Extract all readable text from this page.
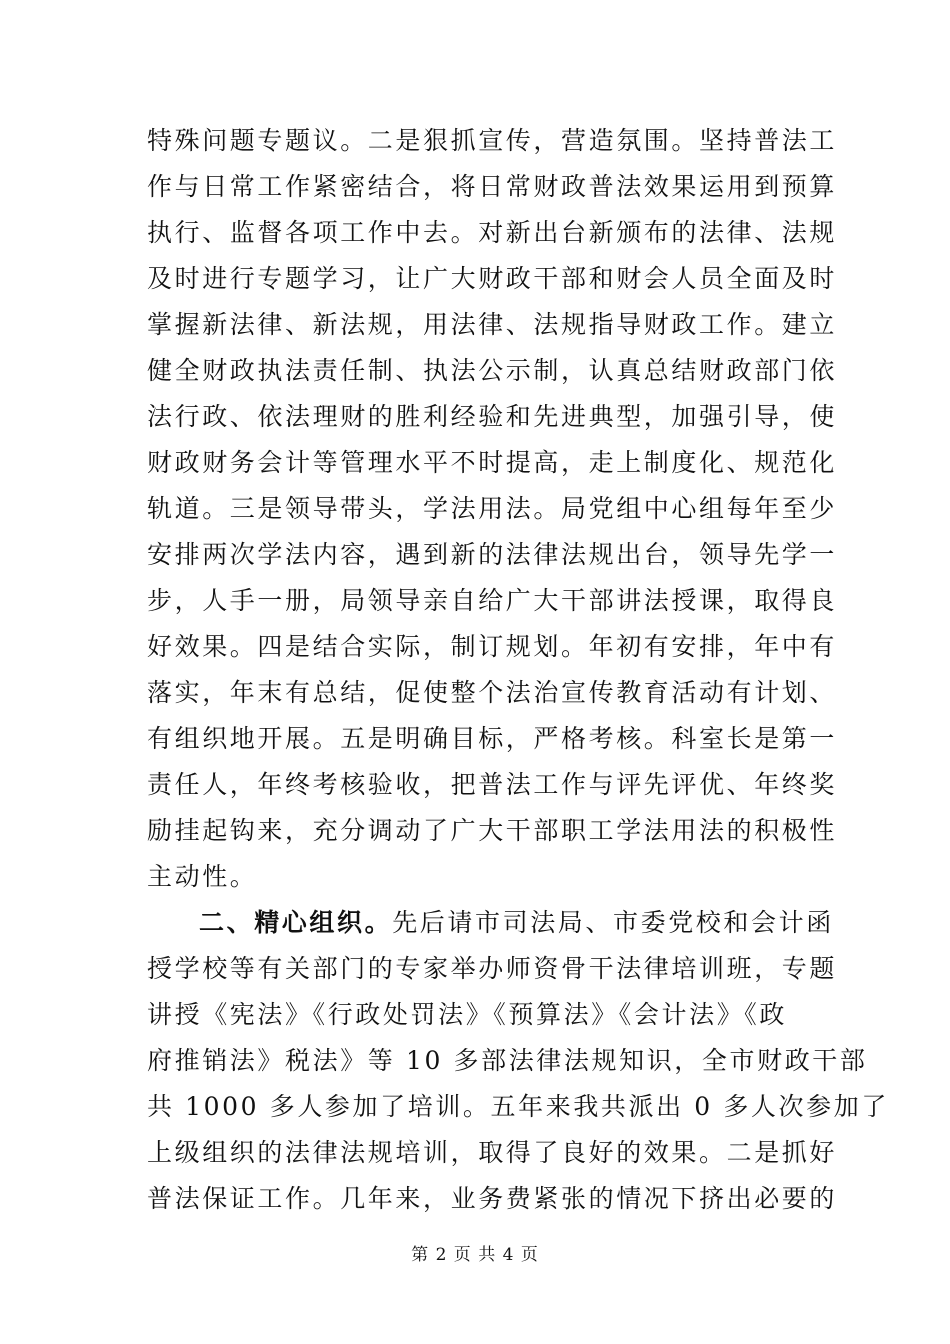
特殊问题专题议。二是狠抓宣传，营造氛围。坚持普法工
作与日常工作紧密结合，将日常财政普法效果运用到预算
执行、监督各项工作中去。对新出台新颁布的法律、法规
及时进行专题学习，让广大财政干部和财会人员全面及时
掌握新法律、新法规，用法律、法规指导财政工作。建立
健全财政执法责任制、执法公示制，认真总结财政部门依
法行政、依法理财的胜利经验和先进典型，加强引导，使
财政财务会计等管理水平不时提高，走上制度化、规范化
轨道。三是领导带头，学法用法。局党组中心组每年至少
安排两次学法内容，遇到新的法律法规出台，领导先学一
步，人手一册，局领导亲自给广大干部讲法授课，取得良
好效果。四是结合实际，制订规划。年初有安排，年中有
落实，年末有总结，促使整个法治宣传教育活动有计划、
有组织地开展。五是明确目标，严格考核。科室长是第一
责任人，年终考核验收，把普法工作与评先评优、年终奖
励挂起钩来，充分调动了广大干部职工学法用法的积极性
主动性。
二、精心组织。先后请市司法局、市委党校和会计函
授学校等有关部门的专家举办师资骨干法律培训班，专题
讲授《宪法》《行政处罚法》《预算法》《会计法》《政
府推销法》税法》等 10 多部法律法规知识，全市财政干部
共 1000 多人参加了培训。五年来我共派出 0 多人次参加了
上级组织的法律法规培训，取得了良好的效果。二是抓好
普法保证工作。几年来，业务费紧张的情况下挤出必要的
第 2 页 共 4 页
